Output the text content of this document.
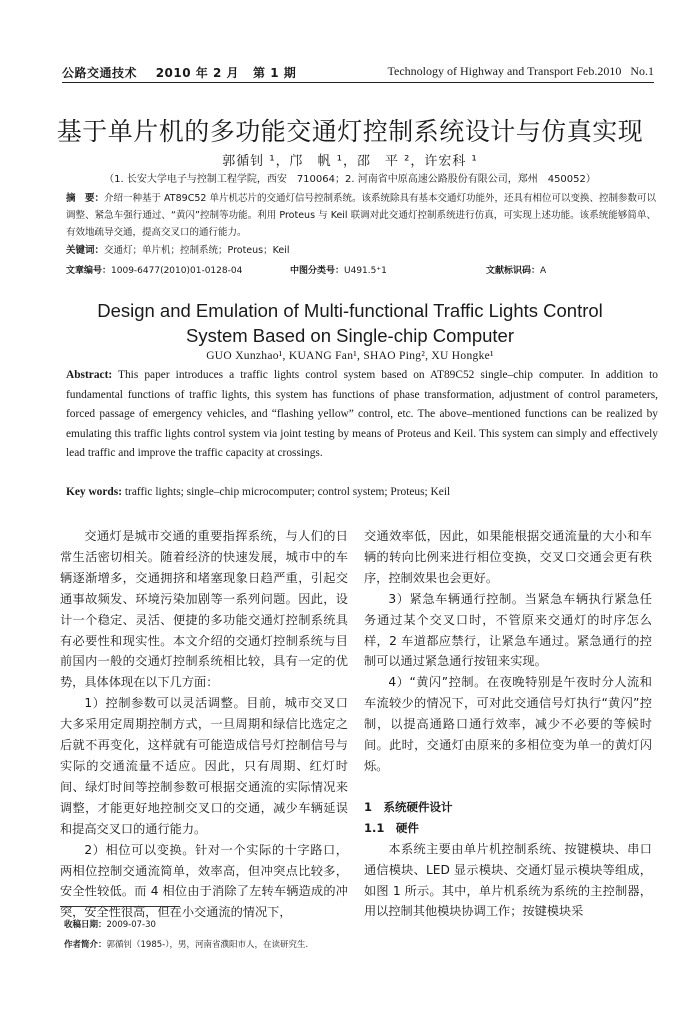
公路交通技术    2010 年 2 月   第 1 期	Technology of Highway and Transport Feb.2010   No.1
基于单片机的多功能交通灯控制系统设计与仿真实现
郭循钊 ¹，邝　帆 ¹，邵　平 ²，许宏科 ¹
（1. 长安大学电子与控制工程学院，西安　710064；2. 河南省中原高速公路股份有限公司，郑州　450052）
摘　要：介绍一种基于 AT89C52 单片机芯片的交通灯信号控制系统。该系统除具有基本交通灯功能外，还具有相位可以变换、控制参数可以调整、紧急车强行通过、“黄闪”控制等功能。利用 Proteus 与 Keil 联调对此交通灯控制系统进行仿真，可实现上述功能。该系统能够简单、有效地疏导交通，提高交叉口的通行能力。
关键词：交通灯；单片机；控制系统；Proteus；Keil
文章编号：1009-6477(2010)01-0128-04	中图分类号：U491.5⁺1	文献标识码：A
Design and Emulation of Multi-functional Traffic Lights Control
System Based on Single-chip Computer
GUO Xunzhao¹, KUANG Fan¹, SHAO Ping², XU Hongke¹
Abstract: This paper introduces a traffic lights control system based on AT89C52 single–chip computer. In addition to fundamental functions of traffic lights, this system has functions of phase transformation, adjustment of control parameters, forced passage of emergency vehicles, and “flashing yellow” control, etc. The above–mentioned functions can be realized by emulating this traffic lights control system via joint testing by means of Proteus and Keil. This system can simply and effectively lead traffic and improve the traffic capacity at crossings.
Key words: traffic lights; single–chip microcomputer; control system; Proteus; Keil

交通灯是城市交通的重要指挥系统，与人们的日常生活密切相关。随着经济的快速发展，城市中的车辆逐渐增多，交通拥挤和堵塞现象日趋严重，引起交通事故频发、环境污染加剧等一系列问题。因此，设计一个稳定、灵活、便捷的多功能交通灯控制系统具有必要性和现实性。本文介绍的交通灯控制系统与目前国内一般的交通灯控制系统相比较，具有一定的优势，具体体现在以下几方面：

1）控制参数可以灵活调整。目前，城市交叉口大多采用定周期控制方式，一旦周期和绿信比选定之后就不再变化，这样就有可能造成信号灯控制信号与实际的交通流量不适应。因此，只有周期、红灯时间、绿灯时间等控制参数可根据交通流的实际情况来调整，才能更好地控制交叉口的交通，减少车辆延误和提高交叉口的通行能力。

2）相位可以变换。针对一个实际的十字路口，两相位控制交通流简单，效率高，但冲突点比较多，安全性较低。而 4 相位由于消除了左转车辆造成的冲突，安全性很高，但在小交通流的情况下，

交通效率低，因此，如果能根据交通流量的大小和车辆的转向比例来进行相位变换，交叉口交通会更有秩序，控制效果也会更好。

3）紧急车辆通行控制。当紧急车辆执行紧急任务通过某个交叉口时，不管原来交通灯的时序怎么样，2 车道都应禁行，让紧急车通过。紧急通行的控制可以通过紧急通行按钮来实现。

4）“黄闪”控制。在夜晚特别是午夜时分人流和车流较少的情况下，可对此交通信号灯执行“黄闪”控制，以提高通路口通行效率，减少不必要的等候时间。此时，交通灯由原来的多相位变为单一的黄灯闪烁。

1　系统硬件设计

1.1　硬件

本系统主要由单片机控制系统、按键模块、串口通信模块、LED 显示模块、交通灯显示模块等组成，如图 1 所示。其中，单片机系统为系统的主控制器，用以控制其他模块协调工作；按键模块采

收稿日期：2009-07-30
作者简介：郭循钊（1985-），男，河南省濮阳市人，在读研究生.
